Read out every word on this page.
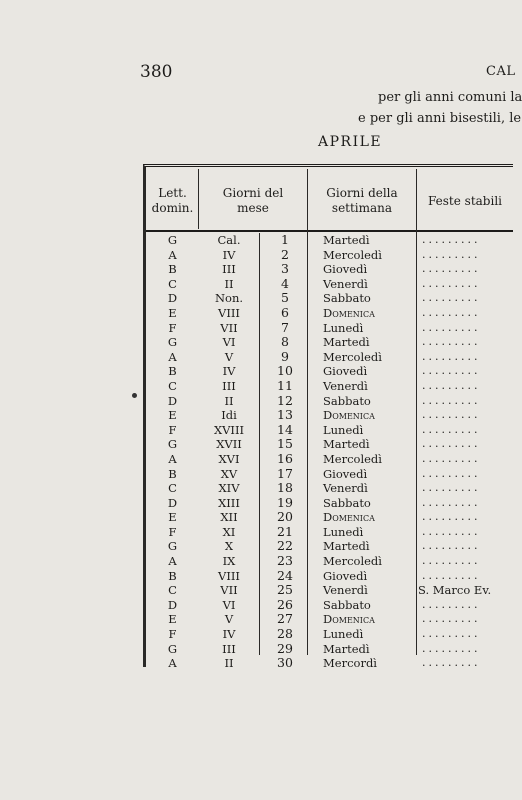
380	CAL
per gli anni comuni la
e per gli anni bisestili, le
APRILE
Lett. domin.
Giorni del mese
Giorni della settimana
Feste stabili
G	Cal.	1	Martedì	.........
A	IV	2	Mercoledì	.........
B	III	3	Giovedì	.........
C	II	4	Venerdì	.........
D	Non.	5	Sabbato	.........
E	VIII	6	Domenica	.........
F	VII	7	Lunedì	.........
G	VI	8	Martedì	.........
A	V	9	Mercoledì	.........
B	IV	10	Giovedì	.........
C	III	11	Venerdì	.........
D	II	12	Sabbato	.........
E	Idi	13	Domenica	.........
F	XVIII	14	Lunedì	.........
G	XVII	15	Martedì	.........
A	XVI	16	Mercoledì	.........
B	XV	17	Giovedì	.........
C	XIV	18	Venerdì	.........
D	XIII	19	Sabbato	.........
E	XII	20	Domenica	.........
F	XI	21	Lunedì	.........
G	X	22	Martedì	.........
A	IX	23	Mercoledì	.........
B	VIII	24	Giovedì	.........
C	VII	25	Venerdì	S. Marco Ev.
D	VI	26	Sabbato	.........
E	V	27	Domenica	.........
F	IV	28	Lunedì	.........
G	III	29	Martedì	.........
A	II	30	Mercordì	.........
